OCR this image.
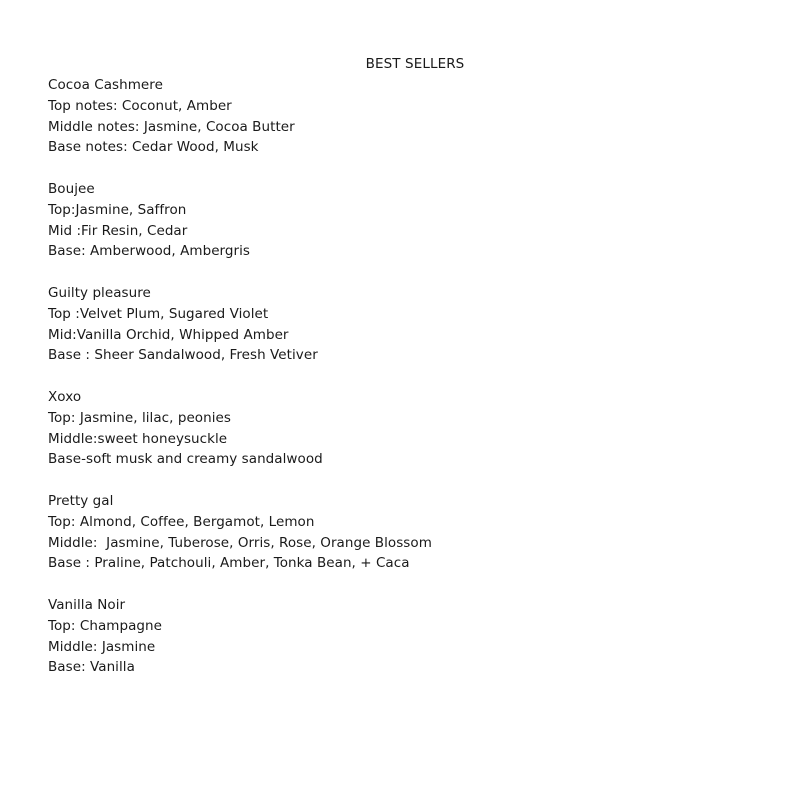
BEST SELLERS
Cocoa Cashmere
Top notes: Coconut, Amber
Middle notes: Jasmine, Cocoa Butter
Base notes: Cedar Wood, Musk
Boujee
Top:Jasmine, Saffron
Mid :Fir Resin, Cedar
Base: Amberwood, Ambergris
Guilty pleasure
Top :Velvet Plum, Sugared Violet
Mid:Vanilla Orchid, Whipped Amber
Base : Sheer Sandalwood, Fresh Vetiver
Xoxo
Top: Jasmine, lilac, peonies
Middle:sweet honeysuckle
Base-soft musk and creamy sandalwood
Pretty gal
Top: Almond, Coffee, Bergamot, Lemon
Middle:  Jasmine, Tuberose, Orris, Rose, Orange Blossom
Base : Praline, Patchouli, Amber, Tonka Bean, + Caca
Vanilla Noir
Top: Champagne
Middle: Jasmine
Base: Vanilla
